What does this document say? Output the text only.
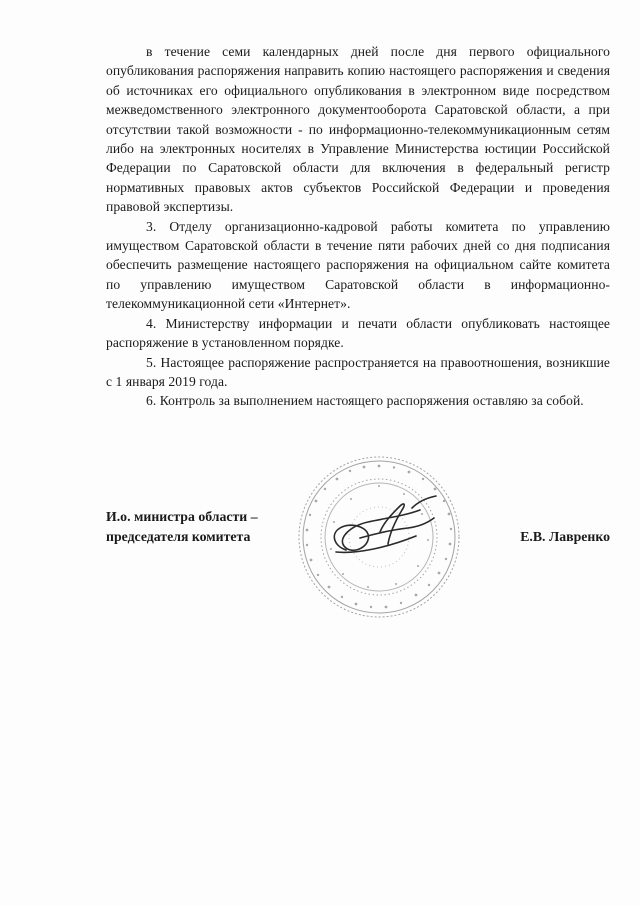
в течение семи календарных дней после дня первого официального опубликования распоряжения направить копию настоящего распоряжения и сведения об источниках его официального опубликования в электронном виде посредством межведомственного электронного документооборота Саратовской области, а при отсутствии такой возможности - по информационно-телекоммуникационным сетям либо на электронных носителях в Управление Министерства юстиции Российской Федерации по Саратовской области для включения в федеральный регистр нормативных правовых актов субъектов Российской Федерации и проведения правовой экспертизы.

3. Отделу организационно-кадровой работы комитета по управлению имуществом Саратовской области в течение пяти рабочих дней со дня подписания обеспечить размещение настоящего распоряжения на официальном сайте комитета по управлению имуществом Саратовской области в информационно-телекоммуникационной сети «Интернет».

4. Министерству информации и печати области опубликовать настоящее распоряжение в установленном порядке.

5. Настоящее распоряжение распространяется на правоотношения, возникшие с 1 января 2019 года.

6. Контроль за выполнением настоящего распоряжения оставляю за собой.

И.о. министра области –
председателя комитета	Е.В. Лавренко
